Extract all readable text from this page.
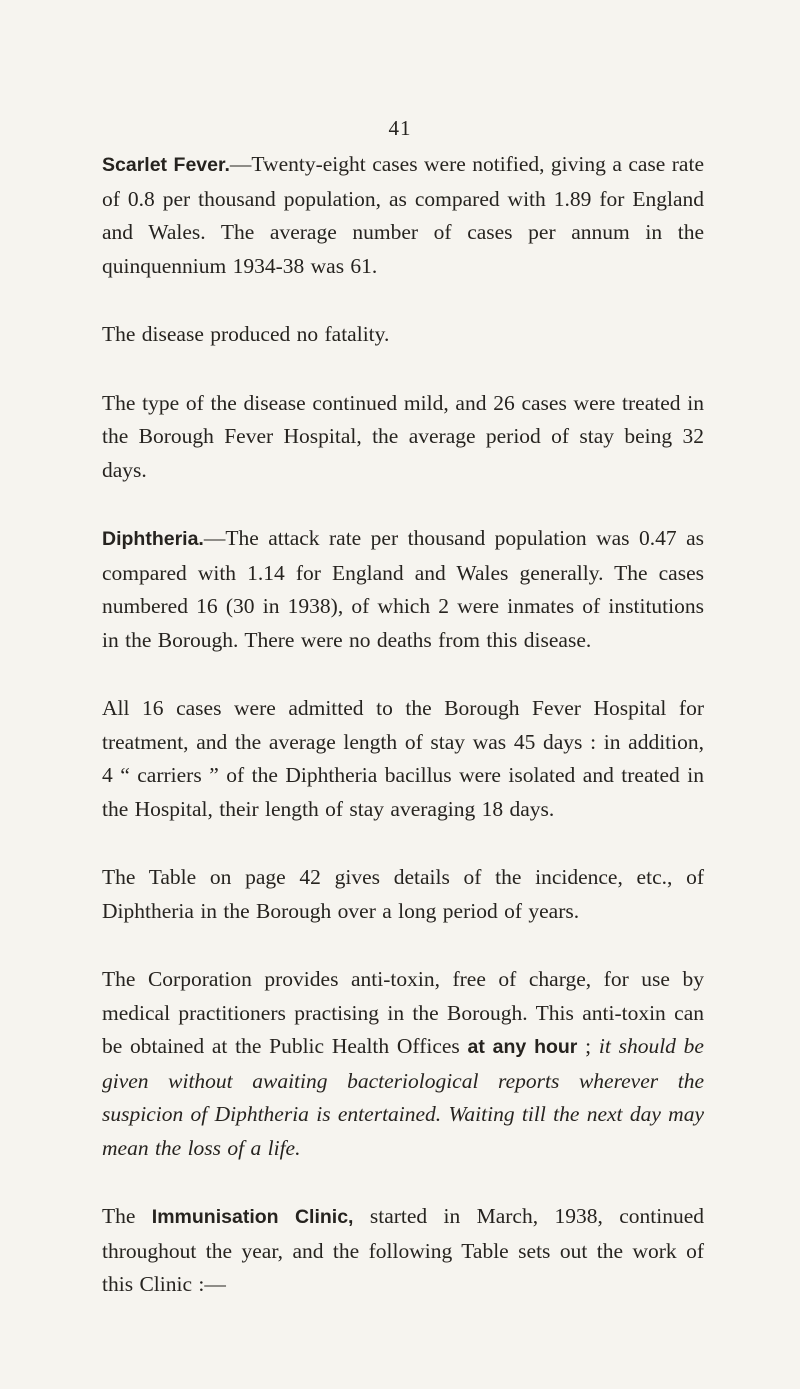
41

Scarlet Fever.—Twenty-eight cases were notified, giving a case rate of 0.8 per thousand population, as compared with 1.89 for England and Wales. The average number of cases per annum in the quinquennium 1934-38 was 61.

The disease produced no fatality.

The type of the disease continued mild, and 26 cases were treated in the Borough Fever Hospital, the average period of stay being 32 days.

Diphtheria.—The attack rate per thousand population was 0.47 as compared with 1.14 for England and Wales generally. The cases numbered 16 (30 in 1938), of which 2 were inmates of institutions in the Borough. There were no deaths from this disease.

All 16 cases were admitted to the Borough Fever Hospital for treatment, and the average length of stay was 45 days : in addition, 4 “ carriers ” of the Diphtheria bacillus were isolated and treated in the Hospital, their length of stay averaging 18 days.

The Table on page 42 gives details of the incidence, etc., of Diphtheria in the Borough over a long period of years.

The Corporation provides anti-toxin, free of charge, for use by medical practitioners practising in the Borough. This anti-toxin can be obtained at the Public Health Offices at any hour ; it should be given without awaiting bacteriological reports wherever the suspicion of Diphtheria is entertained. Waiting till the next day may mean the loss of a life.

The Immunisation Clinic, started in March, 1938, continued throughout the year, and the following Table sets out the work of this Clinic :—
